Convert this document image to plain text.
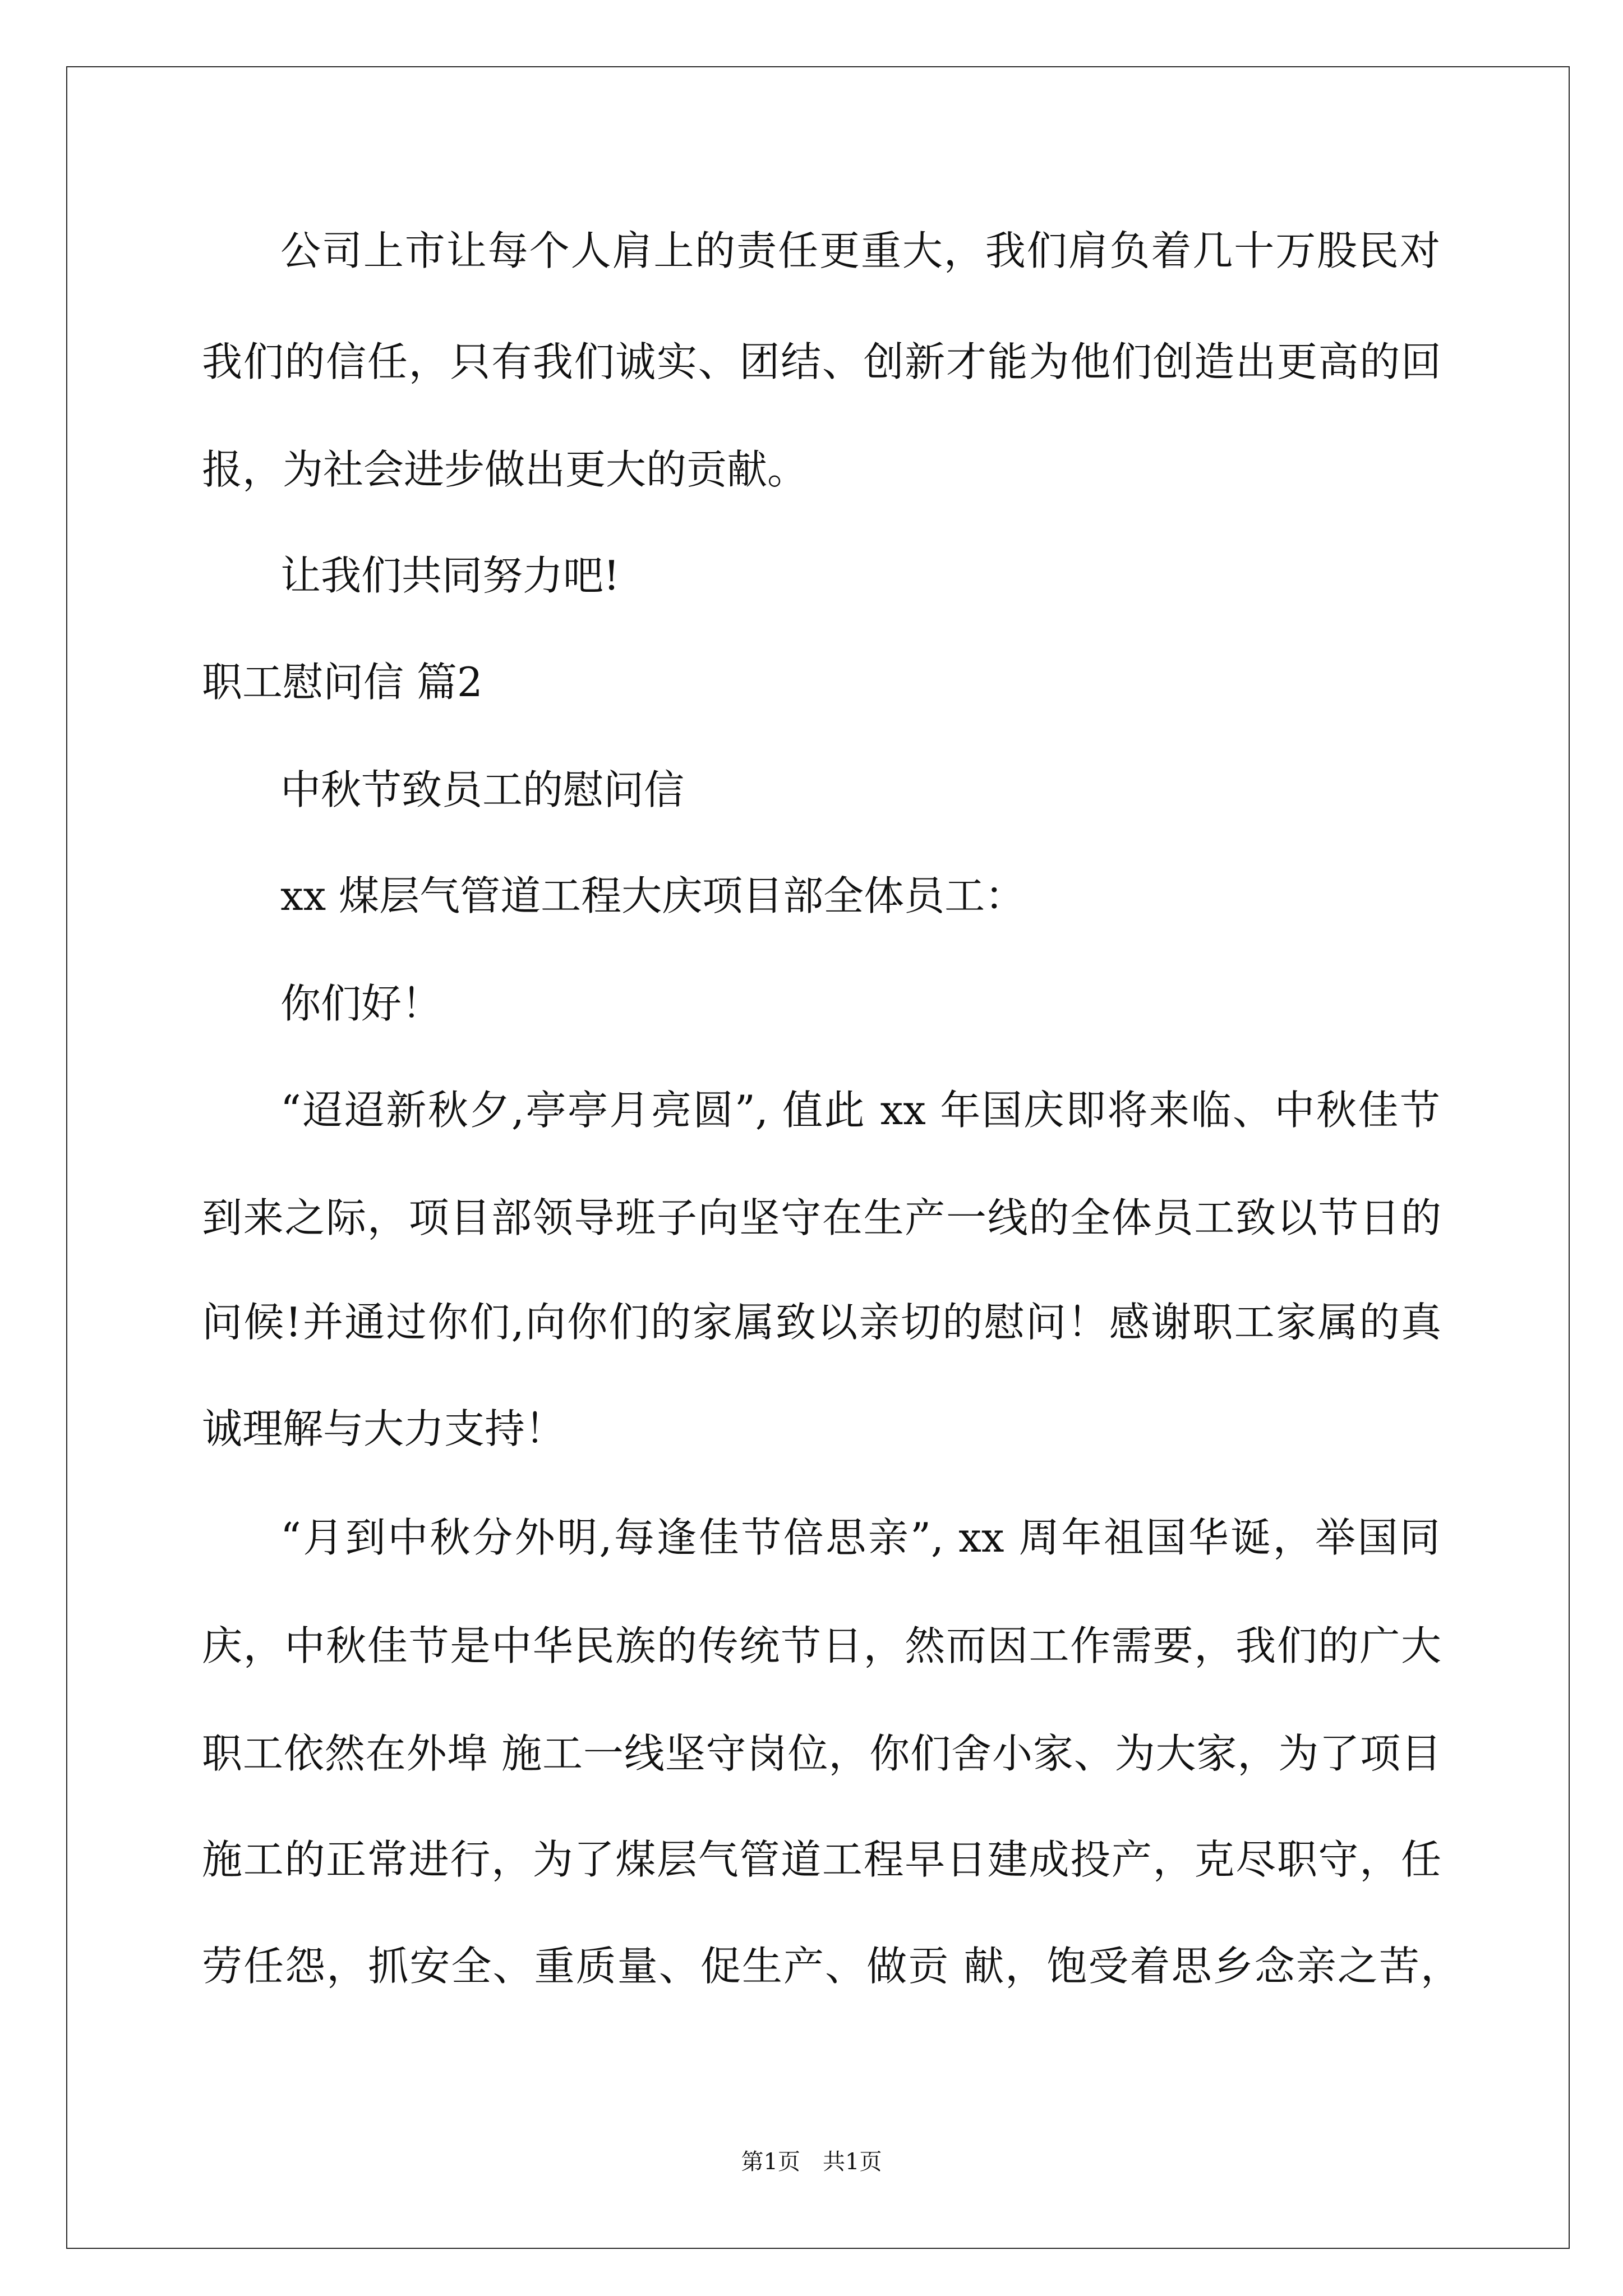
公司上市让每个人肩上的责任更重大，我们肩负着几十万股民对
我们的信任，只有我们诚实、团结、创新才能为他们创造出更高的回
报，为社会进步做出更大的贡献。
让我们共同努力吧!
职工慰问信 篇2
中秋节致员工的慰问信
xx 煤层气管道工程大庆项目部全体员工：
你们好！
“迢迢新秋夕,亭亭月亮圆”, 值此 xx 年国庆即将来临、中秋佳节
到来之际，项目部领导班子向坚守在生产一线的全体员工致以节日的
问候!并通过你们,向你们的家属致以亲切的慰问！感谢职工家属的真
诚理解与大力支持！
“月到中秋分外明,每逢佳节倍思亲”, xx 周年祖国华诞，举国同
庆，中秋佳节是中华民族的传统节日，然而因工作需要，我们的广大
职工依然在外埠 施工一线坚守岗位，你们舍小家、为大家，为了项目
施工的正常进行，为了煤层气管道工程早日建成投产，克尽职守，任
劳任怨，抓安全、重质量、促生产、做贡 献，饱受着思乡念亲之苦，
第1页　共1页
